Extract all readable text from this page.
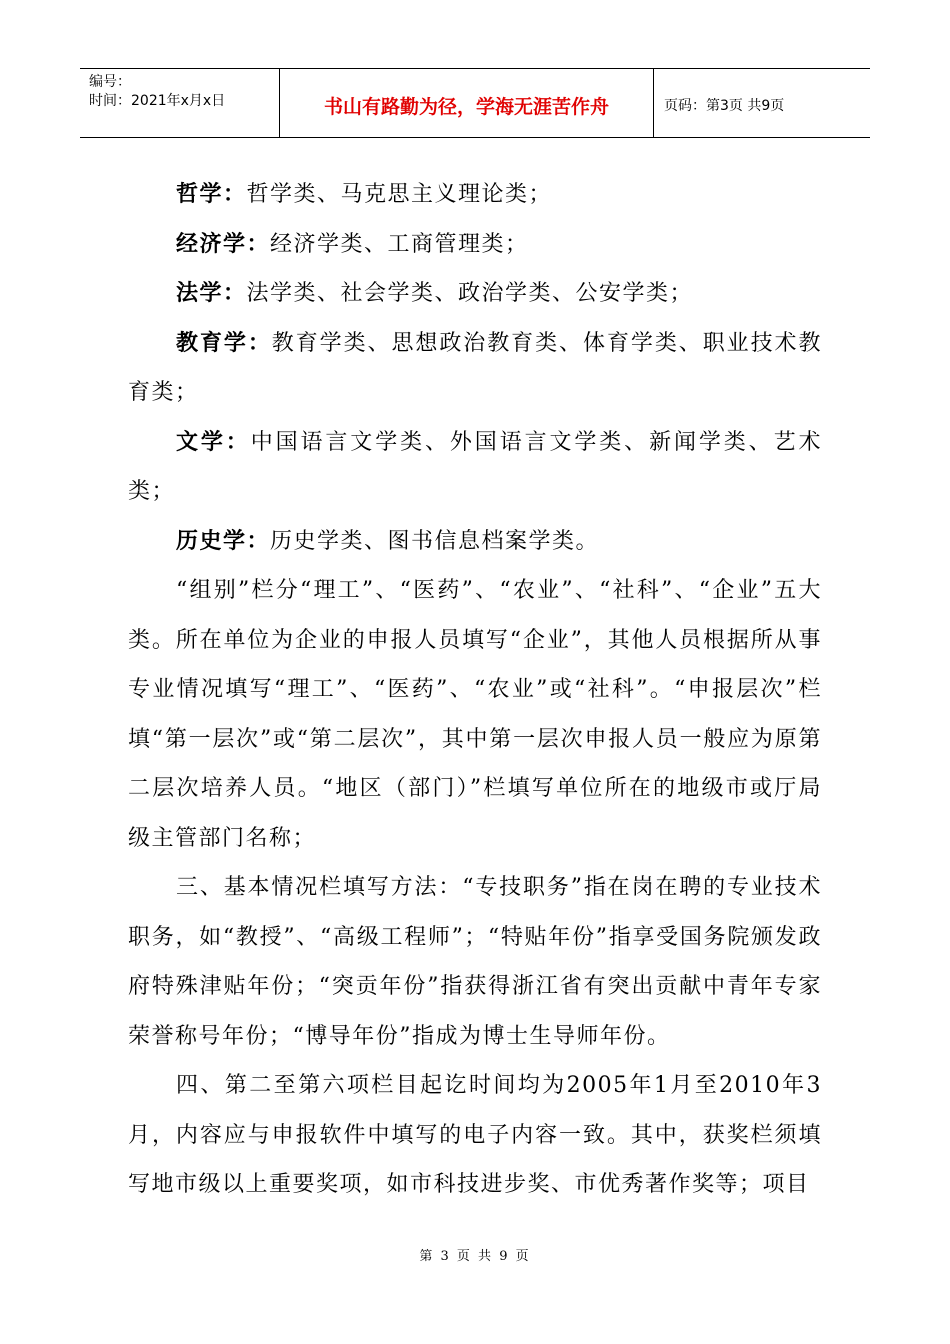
编号：
时间：2021年x月x日	书山有路勤为径，学海无涯苦作舟	页码：第3页 共9页

哲学：哲学类、马克思主义理论类；

经济学：经济学类、工商管理类；

法学：法学类、社会学类、政治学类、公安学类；

教育学：教育学类、思想政治教育类、体育学类、职业技术教育类；

文学：中国语言文学类、外国语言文学类、新闻学类、艺术类；

历史学：历史学类、图书信息档案学类。

“组别”栏分“理工”、“医药”、“农业”、“社科”、“企业”五大类。所在单位为企业的申报人员填写“企业”，其他人员根据所从事专业情况填写“理工”、“医药”、“农业”或“社科”。“申报层次”栏填“第一层次”或“第二层次”，其中第一层次申报人员一般应为原第二层次培养人员。“地区（部门）”栏填写单位所在的地级市或厅局级主管部门名称；

三、基本情况栏填写方法：“专技职务”指在岗在聘的专业技术职务，如“教授”、“高级工程师”；“特贴年份”指享受国务院颁发政府特殊津贴年份；“突贡年份”指获得浙江省有突出贡献中青年专家荣誉称号年份；“博导年份”指成为博士生导师年份。

四、第二至第六项栏目起讫时间均为2005年1月至2010年3月，内容应与申报软件中填写的电子内容一致。其中，获奖栏须填写地市级以上重要奖项，如市科技进步奖、市优秀著作奖等；项目

第 3 页 共 9 页
